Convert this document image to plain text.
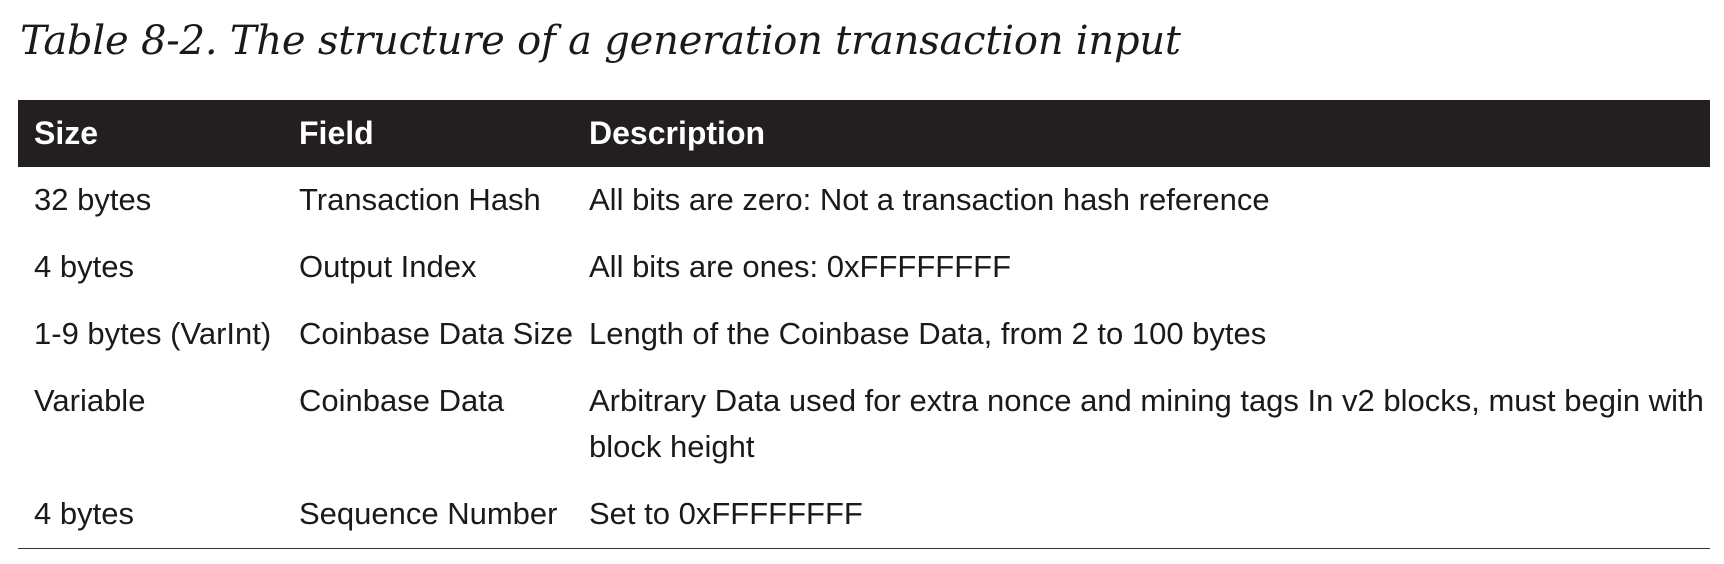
Table 8-2. The structure of a generation transaction input
Size	Field	Description
32 bytes	Transaction Hash	All bits are zero: Not a transaction hash reference
4 bytes	Output Index	All bits are ones: 0xFFFFFFFF
1-9 bytes (VarInt)	Coinbase Data Size	Length of the Coinbase Data, from 2 to 100 bytes
Variable	Coinbase Data	Arbitrary Data used for extra nonce and mining tags In v2 blocks, must begin with block height
4 bytes	Sequence Number	Set to 0xFFFFFFFF
